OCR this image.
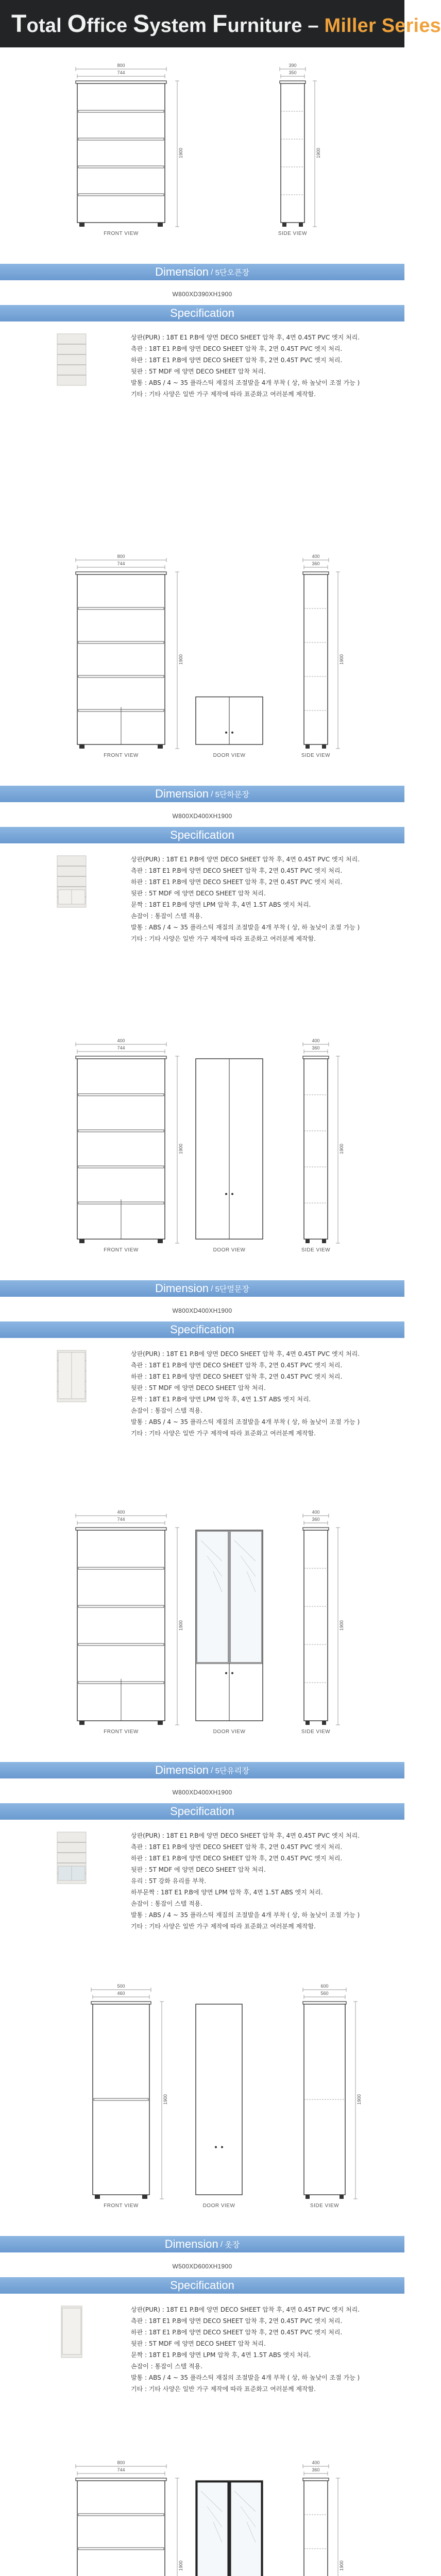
Total Office System Furniture – Miller Series
800
744
1900
390
350
1900
FRONT VIEW	SIDE VIEW
Dimension / 5단오픈장
W800XD390XH1900
Specification
상판(PUR) : 18T E1 P.B에 양면 DECO SHEET 압착 후, 4면 0.45T PVC 엣지 처리.
측판 : 18T E1 P.B에 양면 DECO SHEET 압착 후, 2면 0.45T PVC 엣지 처리.
하판 : 18T E1 P.B에 양면 DECO SHEET 압착 후, 2면 0.45T PVC 엣지 처리.
뒷판 : 5T MDF 에 양면 DECO SHEET 압착 처리.
발통 : ABS / 4 ~ 35 플라스틱 재질의 조절발을 4개 부착 ( 상, 하 높낮이 조절 가능 )
기타 : 기타 사양은 일반 가구 제작에 따라 표준화고 여러분께 제작함.
DOOR VIEW
800
744
1900
400
360
1900
FRONT VIEW	SIDE VIEW
Dimension / 5단하문장
W800XD400XH1900
Specification
상판(PUR) : 18T E1 P.B에 양면 DECO SHEET 압착 후, 4면 0.45T PVC 엣지 처리.
측판 : 18T E1 P.B에 양면 DECO SHEET 압착 후, 2면 0.45T PVC 엣지 처리.
하판 : 18T E1 P.B에 양면 DECO SHEET 압착 후, 2면 0.45T PVC 엣지 처리.
뒷판 : 5T MDF 에 양면 DECO SHEET 압착 처리.
문짝 : 18T E1 P.B에 양면 LPM 압착 후, 4면 1.5T ABS 엣지 처리.
손잡이 : 통잡이 스텔 적용.
발통 : ABS / 4 ~ 35 플라스틱 재질의 조절발을 4개 부착 ( 상, 하 높낮이 조절 가능 )
기타 : 기타 사양은 일반 가구 제작에 따라 표준화고 여러분께 제작함.
DOOR VIEW
400
744
1900
400
360
1900
FRONT VIEW	SIDE VIEW
Dimension / 5단멀문장
W800XD400XH1900
Specification
상판(PUR) : 18T E1 P.B에 양면 DECO SHEET 압착 후, 4면 0.45T PVC 엣지 처리.
측판 : 18T E1 P.B에 양면 DECO SHEET 압착 후, 2면 0.45T PVC 엣지 처리.
하판 : 18T E1 P.B에 양면 DECO SHEET 압착 후, 2면 0.45T PVC 엣지 처리.
뒷판 : 5T MDF 에 양면 DECO SHEET 압착 처리.
문짝 : 18T E1 P.B에 양면 LPM 압착 후, 4면 1.5T ABS 엣지 처리.
손잡이 : 통잡이 스텔 적용.
발통 : ABS / 4 ~ 35 플라스틱 재질의 조절발을 4개 부착 ( 상, 하 높낮이 조절 가능 )
기타 : 기타 사양은 일반 가구 제작에 따라 표준화고 여러분께 제작함.
DOOR VIEW
400
744
1900
400
360
1900
FRONT VIEW	SIDE VIEW
Dimension / 5단유리장
W800XD400XH1900
Specification
상판(PUR) : 18T E1 P.B에 양면 DECO SHEET 압착 후, 4면 0.45T PVC 엣지 처리.
측판 : 18T E1 P.B에 양면 DECO SHEET 압착 후, 2면 0.45T PVC 엣지 처리.
하판 : 18T E1 P.B에 양면 DECO SHEET 압착 후, 2면 0.45T PVC 엣지 처리.
뒷판 : 5T MDF 에 양면 DECO SHEET 압착 처리.
유리 : 5T 강화 유리를 부착.
하부문짝 : 18T E1 P.B에 양면 LPM 압착 후, 4면 1.5T ABS 엣지 처리.
손잡이 : 통잡이 스텔 적용.
발통 : ABS / 4 ~ 35 플라스틱 재질의 조절발을 4개 부착 ( 상, 하 높낮이 조절 가능 )
기타 : 기타 사양은 일반 가구 제작에 따라 표준화고 여러분께 제작함.
DOOR VIEW
500
460
1900
600
560
1900
FRONT VIEW	SIDE VIEW
Dimension / 옷장
W500XD600XH1900
Specification
상판(PUR) : 18T E1 P.B에 양면 DECO SHEET 압착 후, 4면 0.45T PVC 엣지 처리.
측판 : 18T E1 P.B에 양면 DECO SHEET 압착 후, 2면 0.45T PVC 엣지 처리.
하판 : 18T E1 P.B에 양면 DECO SHEET 압착 후, 2면 0.45T PVC 엣지 처리.
뒷판 : 5T MDF 에 양면 DECO SHEET 압착 처리.
문짝 : 18T E1 P.B에 양면 LPM 압착 후, 4면 1.5T ABS 엣지 처리.
손잡이 : 통잡이 스텔 적용.
발통 : ABS / 4 ~ 35 플라스틱 재질의 조절발을 4개 부착 ( 상, 하 높낮이 조절 가능 )
기타 : 기타 사양은 일반 가구 제작에 따라 표준화고 여러분께 제작함.
800
744
1900
400
360
1900
